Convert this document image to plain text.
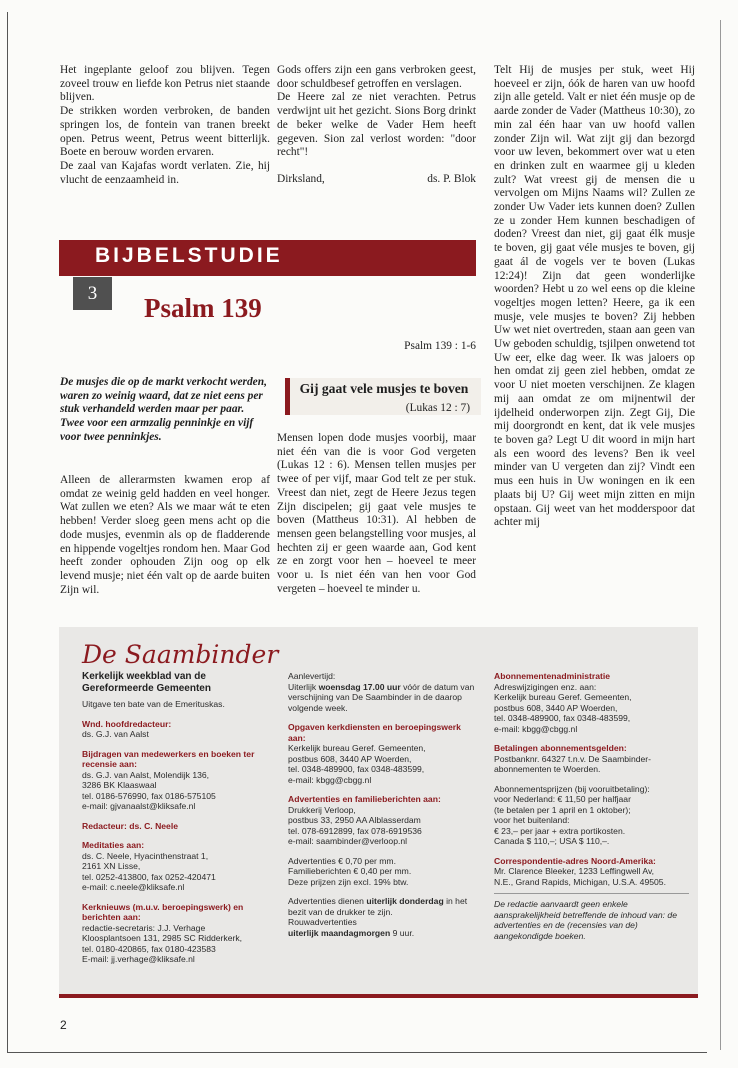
Het ingeplante geloof zou blijven. Tegen zoveel trouw en liefde kon Petrus niet staande blijven.

De strikken worden verbroken, de banden springen los, de fontein van tranen breekt open. Petrus weent, Petrus weent bitterlijk. Boete en berouw worden ervaren.

De zaal van Kajafas wordt verlaten. Zie, hij vlucht de eenzaamheid in.

Gods offers zijn een gans verbroken geest, door schuldbesef getroffen en verslagen.

De Heere zal ze niet verachten. Petrus verdwijnt uit het gezicht. Sions Borg drinkt de beker welke de Vader Hem heeft gegeven. Sion zal verlost worden: "door recht"!

Dirksland,	ds. P. Blok

Telt Hij de musjes per stuk, weet Hij hoeveel er zijn, óók de haren van uw hoofd zijn alle geteld. Valt er niet één musje op de aarde zonder de Vader (Mattheus 10:30), zo min zal één haar van uw hoofd vallen zonder Zijn wil. Wat zijt gij dan bezorgd voor uw leven, bekommert over wat u eten en drinken zult en waarmee gij u kleden zult? Wat vreest gij de mensen die u vervolgen om Mijns Naams wil? Zullen ze zonder Uw Vader iets kunnen doen? Zullen ze u zonder Hem kunnen beschadigen of doden? Vreest dan niet, gij gaat élk musje te boven, gij gaat véle musjes te boven, gij gaat ál de vogels ver te boven (Lukas 12:24)! Zijn dat geen wonderlijke woorden? Hebt u zo wel eens op die kleine vogeltjes mogen letten? Heere, ga ik een musje, vele musjes te boven? Zij hebben Uw wet niet overtreden, staan aan geen van Uw geboden schuldig, tsjilpen onwetend tot Uw eer, elke dag weer. Ik was jaloers op hen omdat zij geen ziel hebben, omdat ze voor U niet moeten verschijnen. Ze klagen mij aan omdat ze om mijnentwil der ijdelheid onderworpen zijn. Zegt Gij, Die mij doorgrondt en kent, dat ik vele musjes te boven ga? Legt U dit woord in mijn hart als een woord des levens? Ben ik veel minder van U vergeten dan zij? Vindt een mus een huis in Uw woningen en ik een plaats bij U? Gij weet mijn zitten en mijn opstaan. Gij weet van het modderspoor dat achter mij

BIJBELSTUDIE
3	Psalm 139
Psalm 139 : 1-6
De musjes die op de markt verkocht werden, waren zo weinig waard, dat ze niet eens per stuk verhandeld werden maar per paar. Twee voor een armzalig penninkje en vijf voor twee penninkjes.

Alleen de allerarmsten kwamen erop af omdat ze weinig geld hadden en veel honger. Wat zullen we eten? Als we maar wát te eten hebben! Verder sloeg geen mens acht op die dode musjes, evenmin als op de fladderende en hippende vogeltjes rondom hen. Maar God heeft zonder ophouden Zijn oog op elk levend musje; niet één valt op de aarde buiten Zijn wil.

Gij gaat vele musjes te boven
(Lukas 12 : 7)

Mensen lopen dode musjes voorbij, maar niet één van die is voor God vergeten (Lukas 12 : 6). Mensen tellen musjes per twee of per vijf, maar God telt ze per stuk. Vreest dan niet, zegt de Heere Jezus tegen Zijn discipelen; gij gaat vele musjes te boven (Mattheus 10:31). Al hebben de mensen geen belangstelling voor musjes, al hechten zij er geen waarde aan, God kent ze en zorgt voor hen – hoeveel te meer voor u. Is niet één van hen voor God vergeten – hoeveel te minder u.

De Saambinder
Kerkelijk weekblad van de Gereformeerde Gemeenten
Uitgave ten bate van de Emerituskas.
Wnd. hoofdredacteur:
ds. G.J. van Aalst
Bijdragen van medewerkers en boeken ter recensie aan:
ds. G.J. van Aalst, Molendijk 136,
3286 BK Klaaswaal
tel. 0186-576990, fax 0186-575105
e-mail: gjvanaalst@kliksafe.nl
Redacteur: ds. C. Neele
Meditaties aan:
ds. C. Neele, Hyacinthenstraat 1,
2161 XN Lisse,
tel. 0252-413800, fax 0252-420471
e-mail: c.neele@kliksafe.nl
Kerknieuws (m.u.v. beroepingswerk) en berichten aan:
redactie-secretaris: J.J. Verhage
Kloosplantsoen 131, 2985 SC Ridderkerk,
tel. 0180-420865, fax 0180-423583
E-mail: jj.verhage@kliksafe.nl
Aanlevertijd:
Uiterlijk woensdag 17.00 uur vóór de datum van verschijning van De Saambinder in de daarop volgende week.
Opgaven kerkdiensten en beroepingswerk aan:
Kerkelijk bureau Geref. Gemeenten,
postbus 608, 3440 AP Woerden,
tel. 0348-489900, fax 0348-483599,
e-mail: kbgg@cbgg.nl
Advertenties en familieberichten aan:
Drukkerij Verloop,
postbus 33, 2950 AA Alblasserdam
tel. 078-6912899, fax 078-6919536
e-mail: saambinder@verloop.nl
Advertenties € 0,70 per mm.
Familieberichten € 0,40 per mm.
Deze prijzen zijn excl. 19% btw.
Advertenties dienen uiterlijk donderdag in het bezit van de drukker te zijn.
Rouwadvertenties
uiterlijk maandagmorgen 9 uur.
Abonnementenadministratie
Adreswijzigingen enz. aan:
Kerkelijk bureau Geref. Gemeenten,
postbus 608, 3440 AP Woerden,
tel. 0348-489900, fax 0348-483599,
e-mail: kbgg@cbgg.nl
Betalingen abonnementsgelden:
Postbanknr. 64327 t.n.v. De Saambinder-
abonnementen te Woerden.
Abonnementsprijzen (bij vooruitbetaling):
voor Nederland: € 11,50 per halfjaar
(te betalen per 1 april en 1 oktober);
voor het buitenland:
€ 23,– per jaar + extra portikosten.
Canada $ 110,–; USA $ 110,–.
Correspondentie-adres Noord-Amerika:
Mr. Clarence Bleeker, 1233 Leffingwell Av,
N.E., Grand Rapids, Michigan, U.S.A. 49505.
De redactie aanvaardt geen enkele aansprakelijkheid betreffende de inhoud van: de advertenties en de (recensies van de) aangekondigde boeken.
2
